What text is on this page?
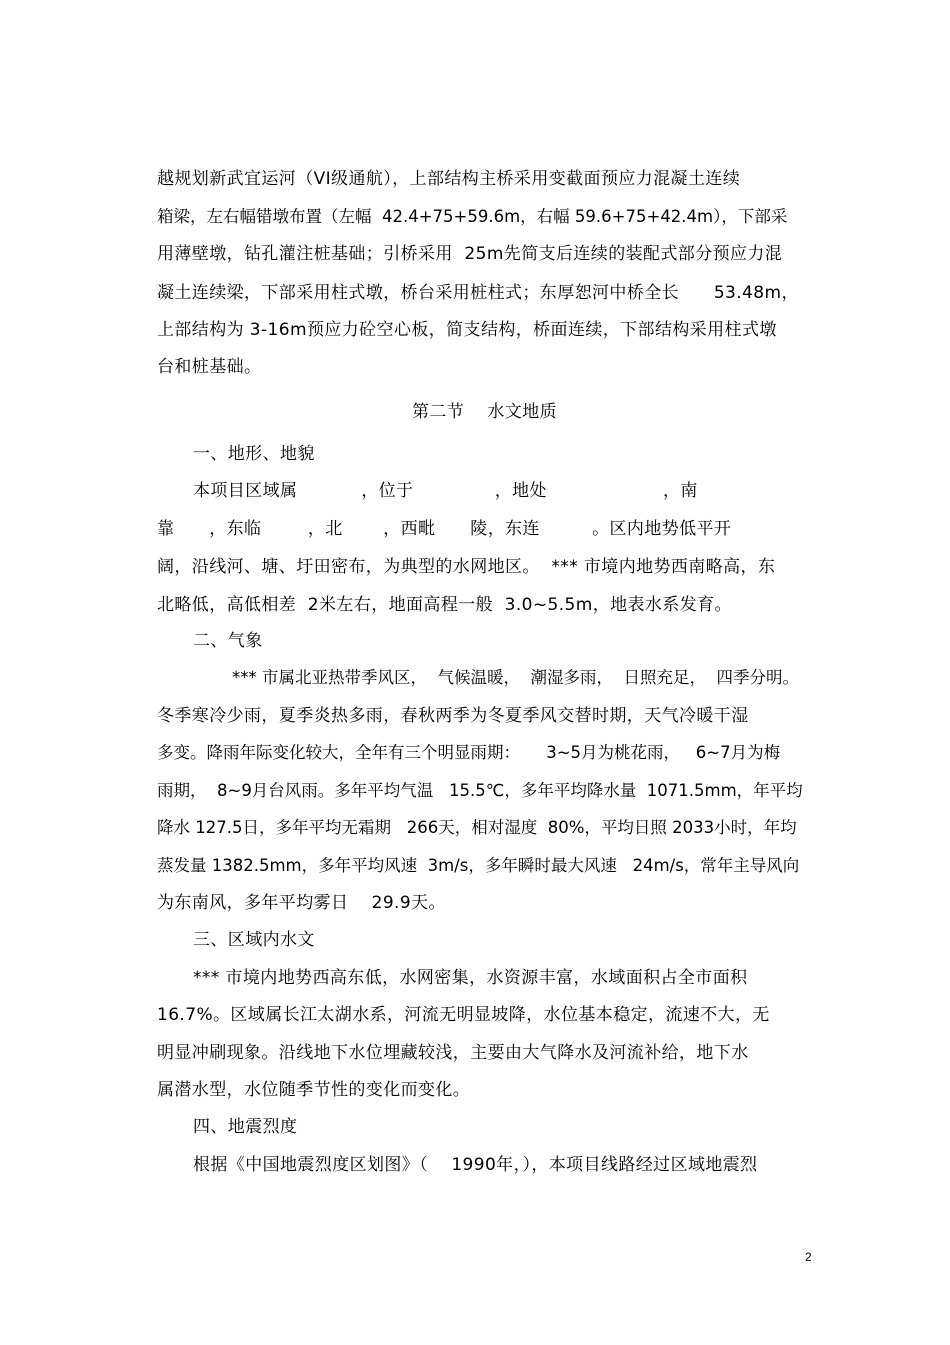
越规划新武宜运河（VI级通航），上部结构主桥采用变截面预应力混凝土连续
箱梁，左右幅错墩布置（左幅  42.4+75+59.6m，右幅 59.6+75+42.4m），下部采
用薄壁墩，钻孔灌注桩基础；引桥采用  25m先简支后连续的装配式部分预应力混
凝土连续梁，下部采用柱式墩，桥台采用桩柱式；东厚恕河中桥全长      53.48m，
上部结构为 3-16m预应力砼空心板，简支结构，桥面连续，下部结构采用柱式墩
台和桩基础。
第二节    水文地质
一、地形、地貌
本项目区域属           ，位于              ，地处                    ，南
靠      ，东临        ，北       ，西毗      陵，东连         。区内地势低平开
阔，沿线河、塘、圩田密布，为典型的水网地区。  *** 市境内地势西南略高，东
北略低，高低相差  2米左右，地面高程一般  3.0~5.5m，地表水系发育。
二、气象
*** 市属北亚热带季风区，  气候温暖，  潮湿多雨，  日照充足，  四季分明。
冬季寒冷少雨，夏季炎热多雨，春秋两季为冬夏季风交替时期，天气冷暖干湿
多变。降雨年际变化较大，全年有三个明显雨期：     3~5月为桃花雨，   6~7月为梅
雨期，  8~9月台风雨。多年平均气温   15.5℃，多年平均降水量  1071.5mm，年平均
降水 127.5日，多年平均无霜期   266天，相对湿度  80%，平均日照 2033小时，年均
蒸发量 1382.5mm，多年平均风速  3m/s，多年瞬时最大风速   24m/s，常年主导风向
为东南风，多年平均雾日    29.9天。
三、区域内水文
*** 市境内地势西高东低，水网密集，水资源丰富，水域面积占全市面积
16.7%。区域属长江太湖水系，河流无明显坡降，水位基本稳定，流速不大，无
明显冲刷现象。沿线地下水位埋藏较浅，主要由大气降水及河流补给，地下水
属潜水型，水位随季节性的变化而变化。
四、地震烈度
根据《中国地震烈度区划图》（    1990年，），本项目线路经过区域地震烈
2
